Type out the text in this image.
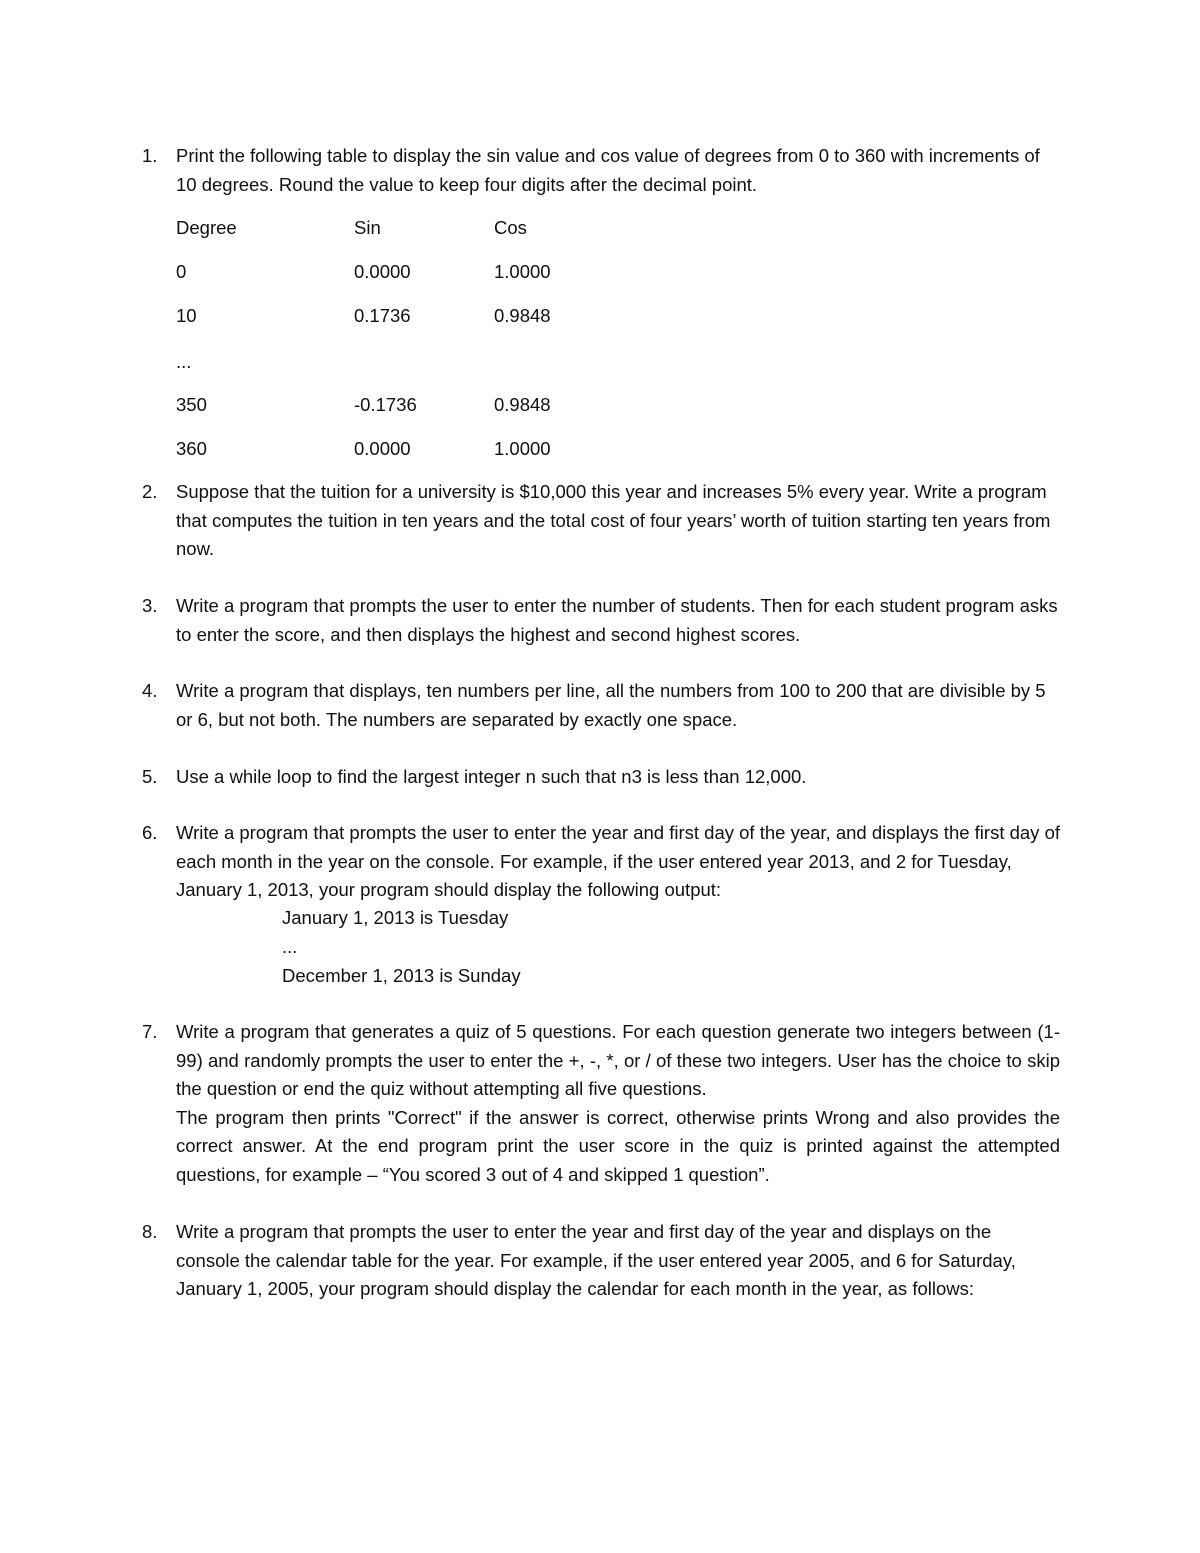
1. Print the following table to display the sin value and cos value of degrees from 0 to 360 with increments of 10 degrees. Round the value to keep four digits after the decimal point.

Degree	Sin	Cos
0	0.0000	1.0000
10	0.1736	0.9848
...
350	-0.1736	0.9848
360	0.0000	1.0000
2. Suppose that the tuition for a university is $10,000 this year and increases 5% every year. Write a program that computes the tuition in ten years and the total cost of four years’ worth of tuition starting ten years from now.

3. Write a program that prompts the user to enter the number of students. Then for each student program asks to enter the score, and then displays the highest and second highest scores.

4. Write a program that displays, ten numbers per line, all the numbers from 100 to 200 that are divisible by 5 or 6, but not both. The numbers are separated by exactly one space.

5. Use a while loop to find the largest integer n such that n3 is less than 12,000.

6. Write a program that prompts the user to enter the year and first day of the year, and displays the first day of each month in the year on the console. For example, if the user entered year 2013, and 2 for Tuesday, January 1, 2013, your program should display the following output:

January 1, 2013 is Tuesday
...
December 1, 2013 is Sunday
7. Write a program that generates a quiz of 5 questions. For each question generate two integers between (1-99) and randomly prompts the user to enter the +, -, *, or / of these two integers. User has the choice to skip the question or end the quiz without attempting all five questions.

The program then prints "Correct" if the answer is correct, otherwise prints Wrong and also provides the correct answer. At the end program print the user score in the quiz is printed against the attempted questions, for example – “You scored 3 out of 4 and skipped 1 question”.

8. Write a program that prompts the user to enter the year and first day of the year and displays on the console the calendar table for the year. For example, if the user entered year 2005, and 6 for Saturday, January 1, 2005, your program should display the calendar for each month in the year, as follows:
